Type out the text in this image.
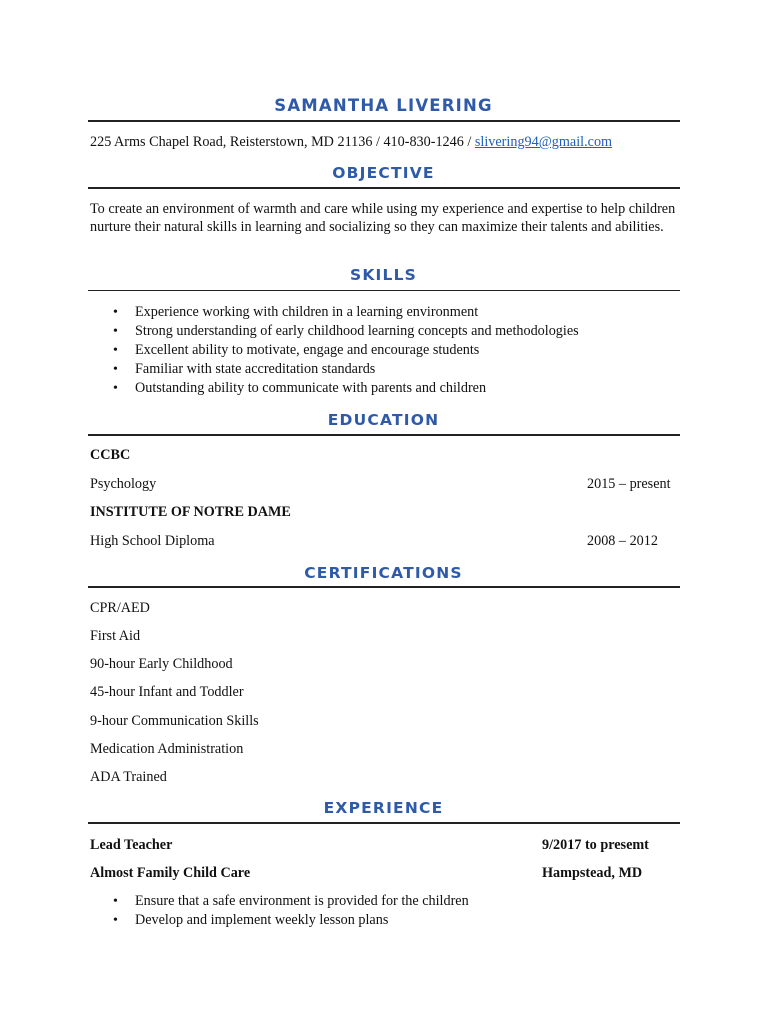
SAMANTHA LIVERING
225 Arms Chapel Road, Reisterstown, MD 21136 / 410-830-1246 / slivering94@gmail.com
OBJECTIVE
To create an environment of warmth and care while using my experience and expertise to help children nurture their natural skills in learning and socializing so they can maximize their talents and abilities.
SKILLS
• Experience working with children in a learning environment
• Strong understanding of early childhood learning concepts and methodologies
• Excellent ability to motivate, engage and encourage students
• Familiar with state accreditation standards
• Outstanding ability to communicate with parents and children
EDUCATION
CCBC
Psychology	2015 – present
INSTITUTE OF NOTRE DAME
High School Diploma	2008 – 2012
CERTIFICATIONS
CPR/AED
First Aid
90-hour Early Childhood
45-hour Infant and Toddler
9-hour Communication Skills
Medication Administration
ADA Trained
EXPERIENCE
Lead Teacher	9/2017 to presemt
Almost Family Child Care	Hampstead, MD
• Ensure that a safe environment is provided for the children
• Develop and implement weekly lesson plans
